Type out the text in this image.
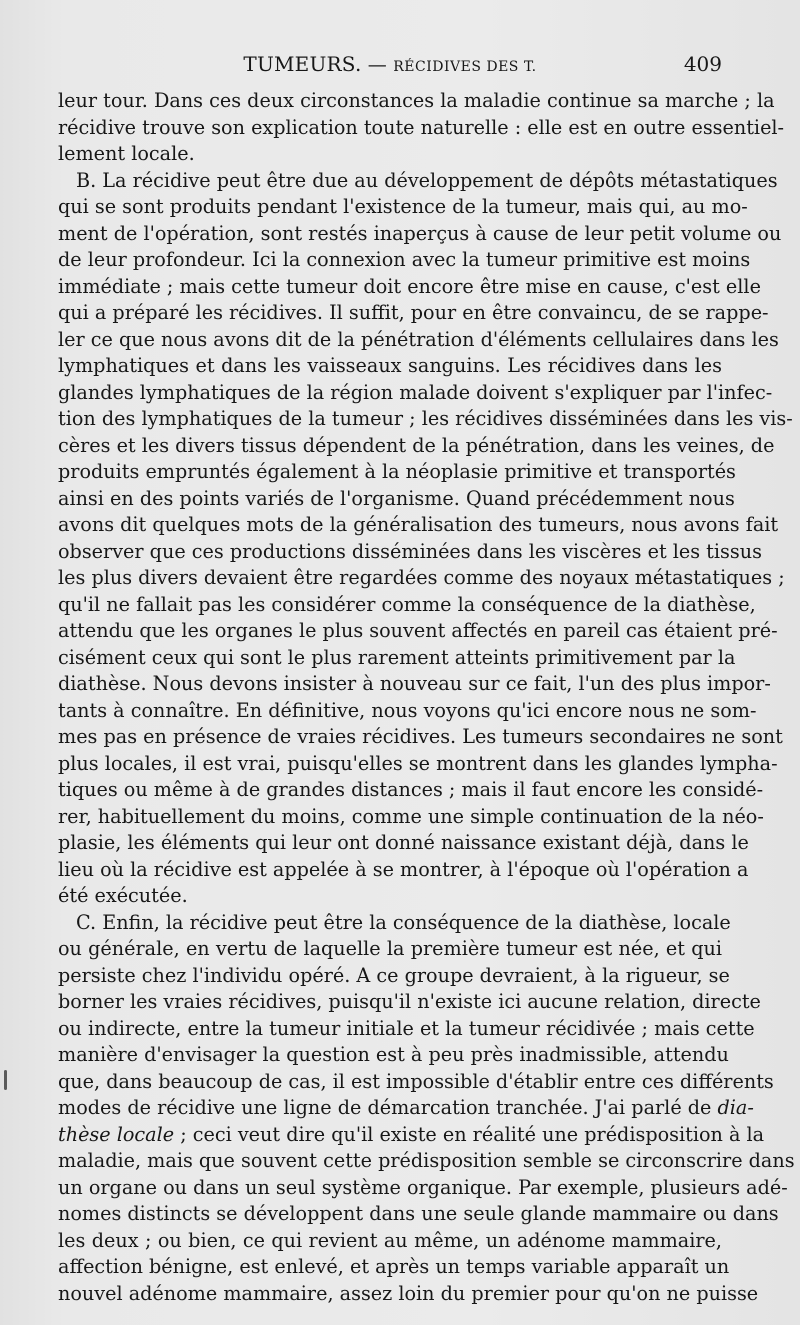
TUMEURS. — RÉCIDIVES DES T.	409
leur tour. Dans ces deux circonstances la maladie continue sa marche ; la
récidive trouve son explication toute naturelle : elle est en outre essentiel-
lement locale.
B. La récidive peut être due au développement de dépôts métastatiques
qui se sont produits pendant l'existence de la tumeur, mais qui, au mo-
ment de l'opération, sont restés inaperçus à cause de leur petit volume ou
de leur profondeur. Ici la connexion avec la tumeur primitive est moins
immédiate ; mais cette tumeur doit encore être mise en cause, c'est elle
qui a préparé les récidives. Il suffit, pour en être convaincu, de se rappe-
ler ce que nous avons dit de la pénétration d'éléments cellulaires dans les
lymphatiques et dans les vaisseaux sanguins. Les récidives dans les
glandes lymphatiques de la région malade doivent s'expliquer par l'infec-
tion des lymphatiques de la tumeur ; les récidives disséminées dans les vis-
cères et les divers tissus dépendent de la pénétration, dans les veines, de
produits empruntés également à la néoplasie primitive et transportés
ainsi en des points variés de l'organisme. Quand précédemment nous
avons dit quelques mots de la généralisation des tumeurs, nous avons fait
observer que ces productions disséminées dans les viscères et les tissus
les plus divers devaient être regardées comme des noyaux métastatiques ;
qu'il ne fallait pas les considérer comme la conséquence de la diathèse,
attendu que les organes le plus souvent affectés en pareil cas étaient pré-
cisément ceux qui sont le plus rarement atteints primitivement par la
diathèse. Nous devons insister à nouveau sur ce fait, l'un des plus impor-
tants à connaître. En définitive, nous voyons qu'ici encore nous ne som-
mes pas en présence de vraies récidives. Les tumeurs secondaires ne sont
plus locales, il est vrai, puisqu'elles se montrent dans les glandes lympha-
tiques ou même à de grandes distances ; mais il faut encore les considé-
rer, habituellement du moins, comme une simple continuation de la néo-
plasie, les éléments qui leur ont donné naissance existant déjà, dans le
lieu où la récidive est appelée à se montrer, à l'époque où l'opération a
été exécutée.
C. Enfin, la récidive peut être la conséquence de la diathèse, locale
ou générale, en vertu de laquelle la première tumeur est née, et qui
persiste chez l'individu opéré. A ce groupe devraient, à la rigueur, se
borner les vraies récidives, puisqu'il n'existe ici aucune relation, directe
ou indirecte, entre la tumeur initiale et la tumeur récidivée ; mais cette
manière d'envisager la question est à peu près inadmissible, attendu
que, dans beaucoup de cas, il est impossible d'établir entre ces différents
modes de récidive une ligne de démarcation tranchée. J'ai parlé de dia-
thèse locale ; ceci veut dire qu'il existe en réalité une prédisposition à la
maladie, mais que souvent cette prédisposition semble se circonscrire dans
un organe ou dans un seul système organique. Par exemple, plusieurs adé-
nomes distincts se développent dans une seule glande mammaire ou dans
les deux ; ou bien, ce qui revient au même, un adénome mammaire,
affection bénigne, est enlevé, et après un temps variable apparaît un
nouvel adénome mammaire, assez loin du premier pour qu'on ne puisse
